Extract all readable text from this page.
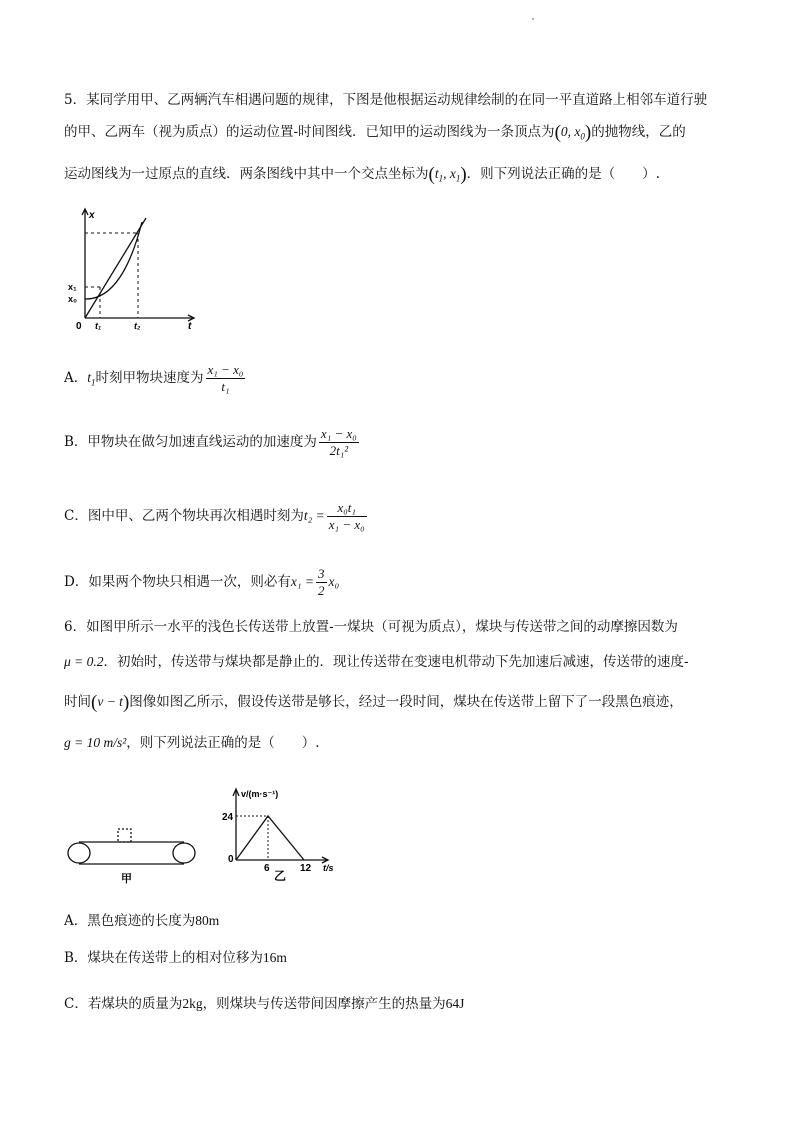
5．某同学用甲、乙两辆汽车相遇问题的规律，下图是他根据运动规律绘制的在同一平直道路上相邻车道行驶
的甲、乙两车（视为质点）的运动位置-时间图线．已知甲的运动图线为一条顶点为(0, $x_0$)的抛物线，乙的
运动图线为一过原点的直线．两条图线中其中一个交点坐标为($t_1$, $x_1$)．则下列说法正确的是（　　）.
x
t
0
x₁
x₀
t₁	t₂
A．$t_1$时刻甲物块速度为 $\frac{\text{x₁ − x₀}}{\text{t₁}}$
B．甲物块在做匀加速直线运动的加速度为 $\frac{\text{x₁ − x₀}}{\text{2t₁²}}$
C．图中甲、乙两个物块再次相遇时刻为$t_2 = \frac{\text{x₀t₁}}{\text{x₁ − x₀}}$
D．如果两个物块只相遇一次，则必有$x_1 = \frac{3}{2} x_0$
6．如图甲所示一水平的浅色长传送带上放置-一煤块（可视为质点），煤块与传送带之间的动摩擦因数为
μ = 0.2．初始时，传送带与煤块都是静止的．现让传送带在变速电机带动下先加速后减速，传送带的速度-
时间(v − t)图像如图乙所示，假设传送带是够长，经过一段时间，煤块在传送带上留下了一段黑色痕迹，
g = 10 m/s²，则下列说法正确的是（　　）.
甲
v/(m·s⁻¹)
24
0
6	12 t/s
乙
A．黑色痕迹的长度为80m
B．煤块在传送带上的相对位移为16m
C．若煤块的质量为2kg，则煤块与传送带间因摩擦产生的热量为64J
